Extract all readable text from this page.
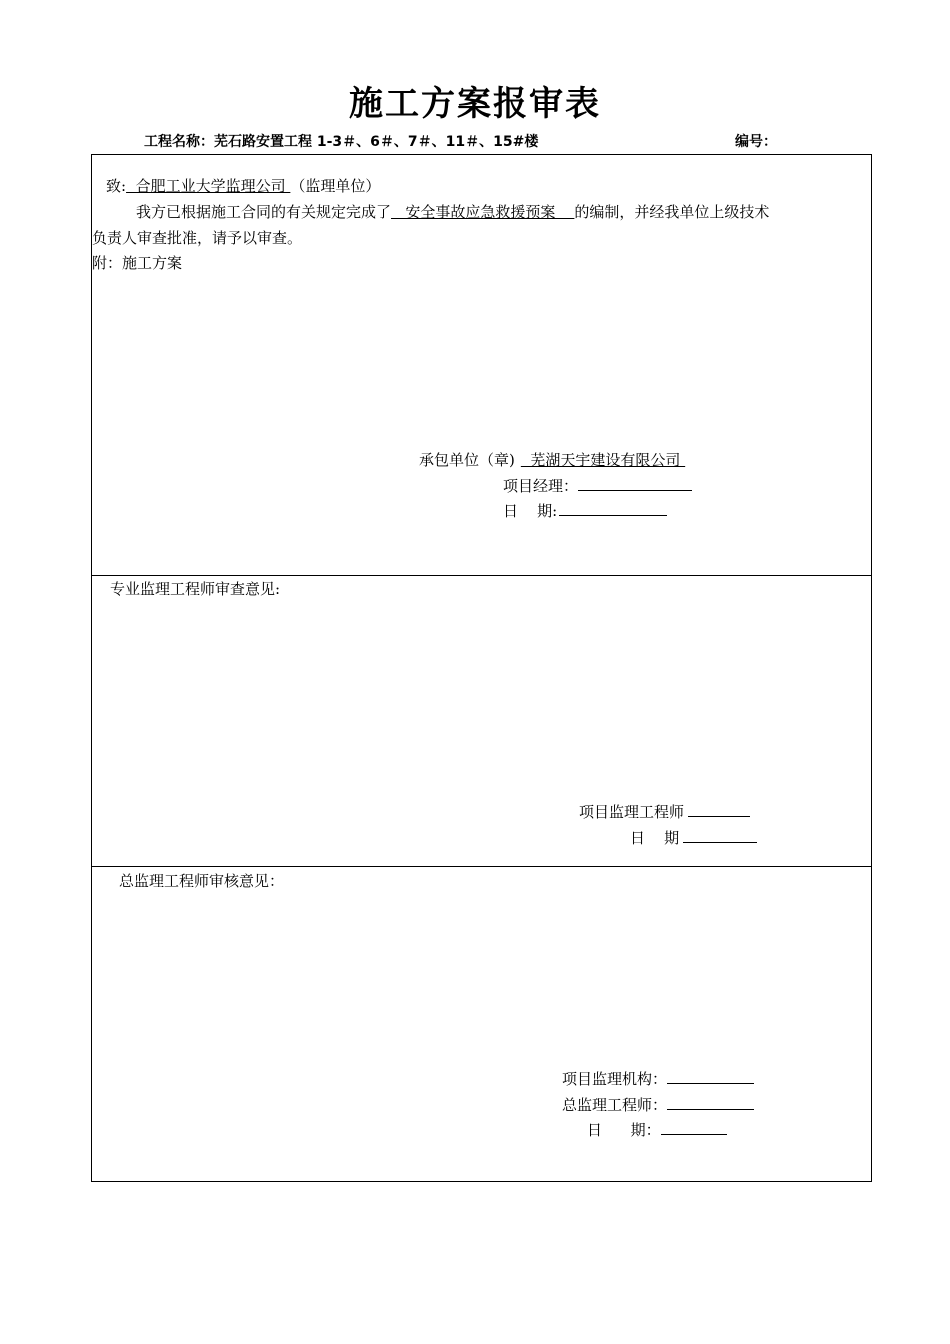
施工方案报审表
工程名称：芜石路安置工程 1-3＃、6＃、7＃、11＃、15#楼	编号：
致:  合肥工业大学监理公司 （监理单位）
我方已根据施工合同的有关规定完成了   安全事故应急救援预案    的编制，并经我单位上级技术
负责人审查批准，请予以审查。
附：施工方案
承包单位（章)  芜湖天宇建设有限公司
项目经理：
日    期:
专业监理工程师审查意见:
项目监理工程师
日    期
总监理工程师审核意见：
项目监理机构：
总监理工程师：
日      期：
